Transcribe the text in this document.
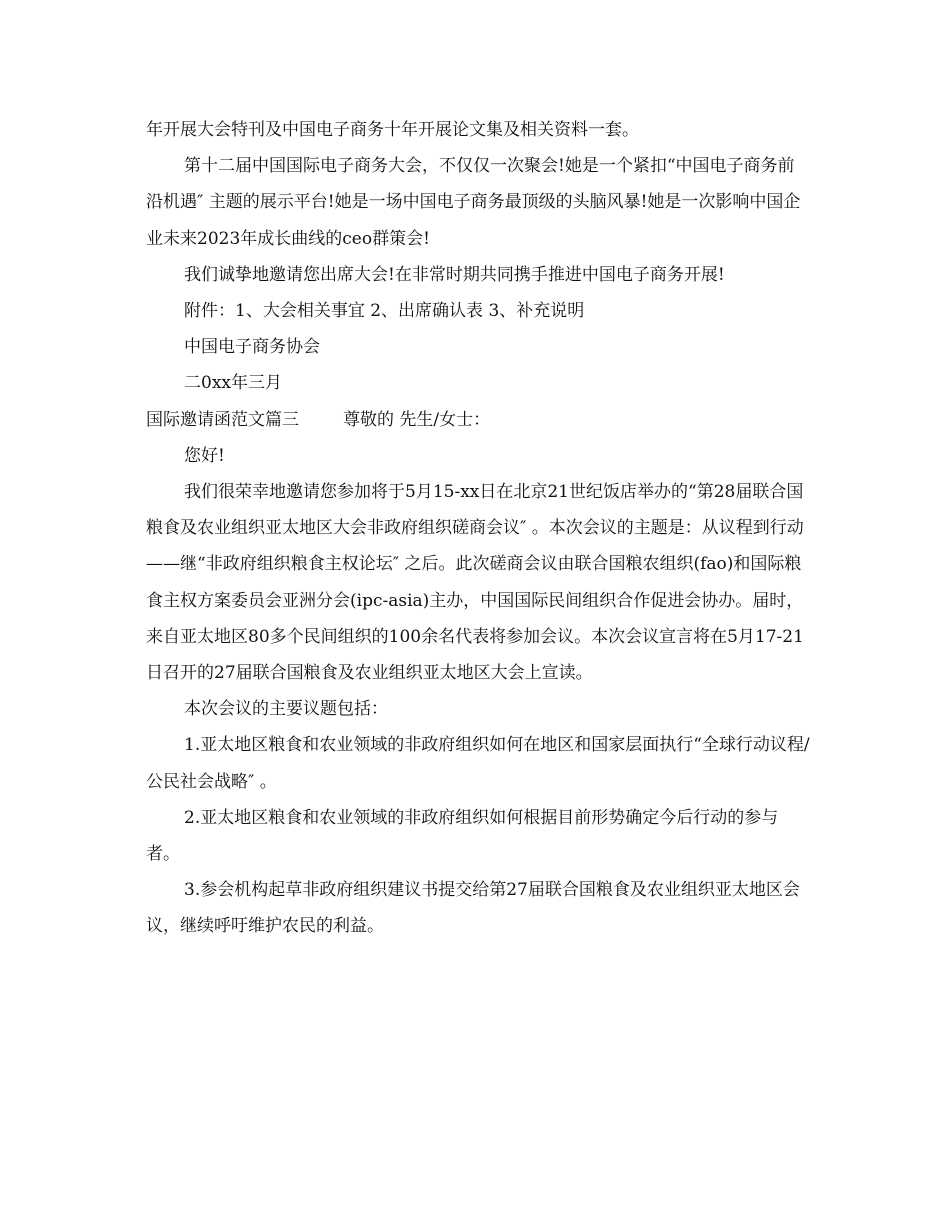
年开展大会特刊及中国电子商务十年开展论文集及相关资料一套。

第十二届中国国际电子商务大会，不仅仅一次聚会!她是一个紧扣“中国电子商务前沿机遇″ 主题的展示平台!她是一场中国电子商务最顶级的头脑风暴!她是一次影响中国企业未来2023年成长曲线的ceo群策会!

我们诚挚地邀请您出席大会!在非常时期共同携手推进中国电子商务开展!

附件：1、大会相关事宜 2、出席确认表 3、补充说明

中国电子商务协会

二0xx年三月

国际邀请函范文篇三	尊敬的 先生/女士：

您好!

我们很荣幸地邀请您参加将于5月15-xx日在北京21世纪饭店举办的“第28届联合国粮食及农业组织亚太地区大会非政府组织磋商会议″ 。本次会议的主题是：从议程到行动——继“非政府组织粮食主权论坛″ 之后。此次磋商会议由联合国粮农组织(fao)和国际粮食主权方案委员会亚洲分会(ipc-asia)主办，中国国际民间组织合作促进会协办。届时，来自亚太地区80多个民间组织的100余名代表将参加会议。本次会议宣言将在5月17-21日召开的27届联合国粮食及农业组织亚太地区大会上宣读。

本次会议的主要议题包括：

1.亚太地区粮食和农业领域的非政府组织如何在地区和国家层面执行“全球行动议程/公民社会战略″ 。

2.亚太地区粮食和农业领域的非政府组织如何根据目前形势确定今后行动的参与者。

3.参会机构起草非政府组织建议书提交给第27届联合国粮食及农业组织亚太地区会议，继续呼吁维护农民的利益。
